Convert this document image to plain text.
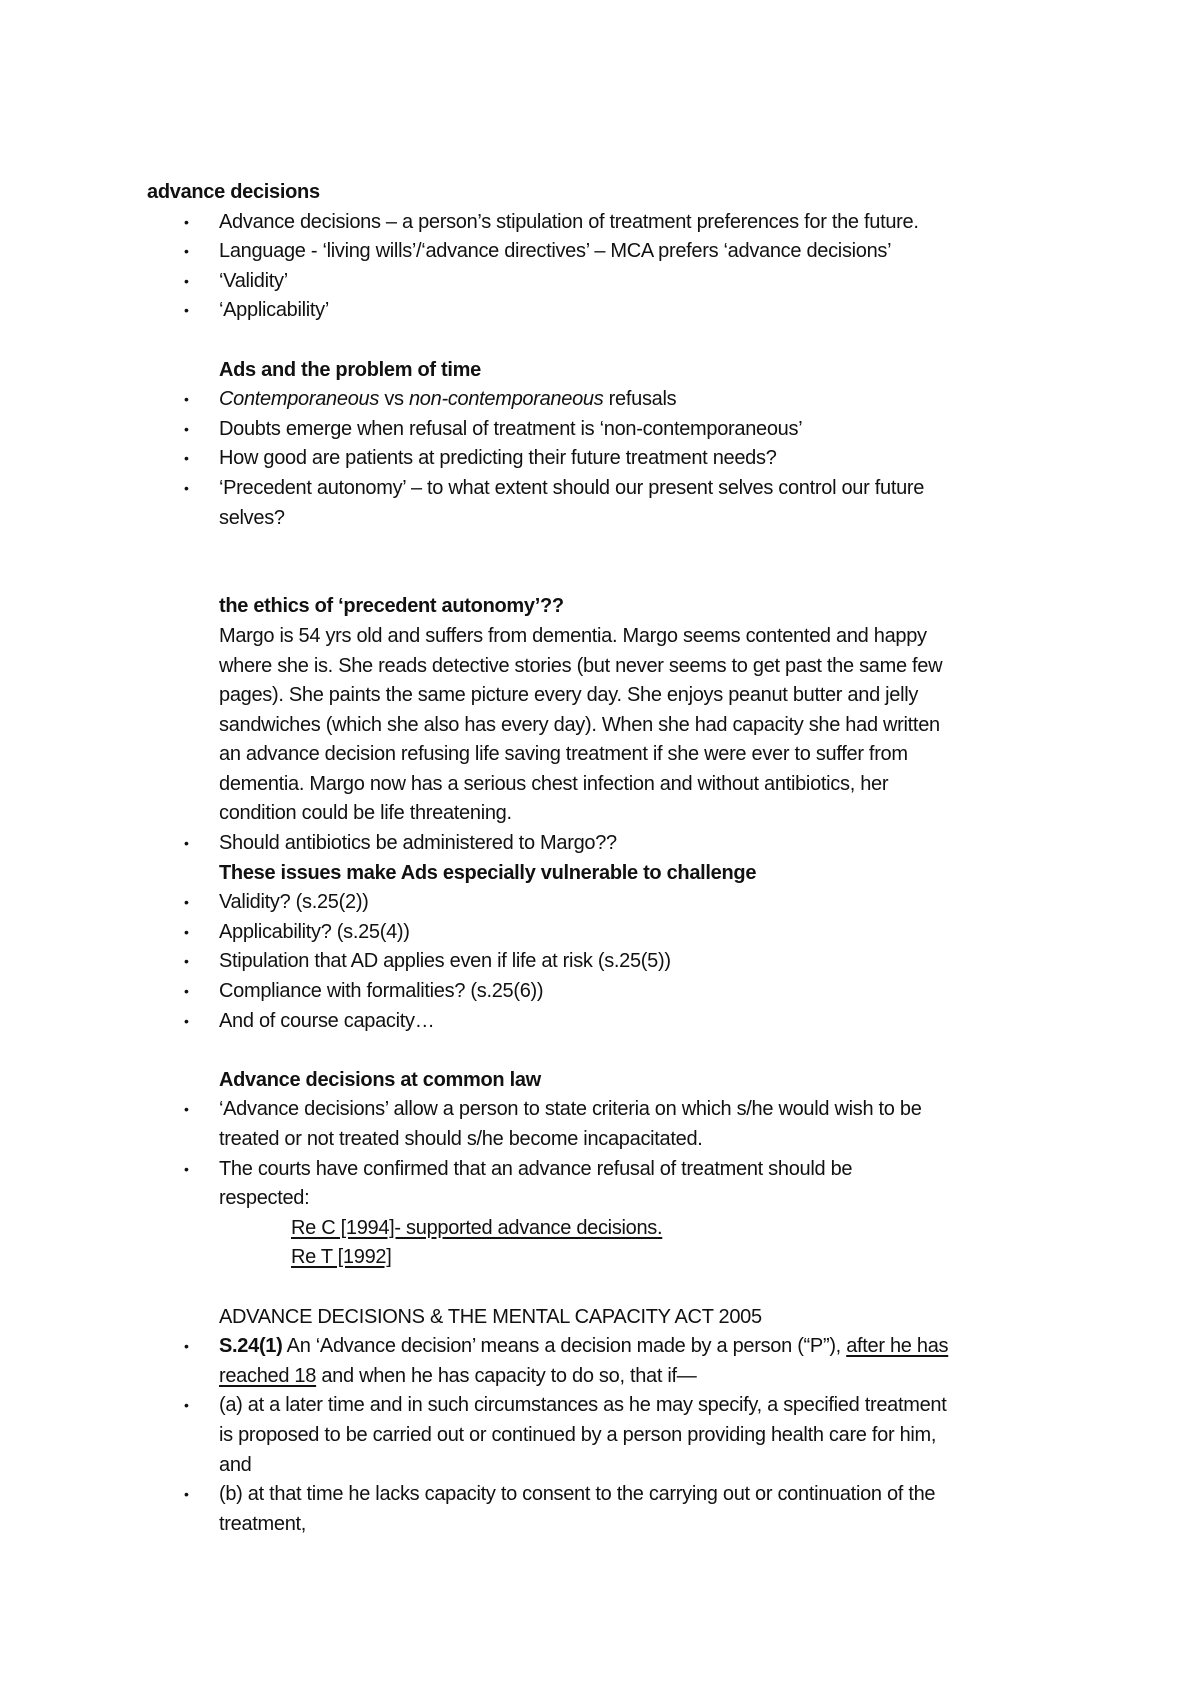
advance decisions
• Advance decisions – a person’s stipulation of treatment preferences for the future.
• Language - ‘living wills’/‘advance directives’ – MCA prefers ‘advance decisions’
• ‘Validity’
• ‘Applicability’
Ads and the problem of time
• Contemporaneous vs non-contemporaneous refusals
• Doubts emerge when refusal of treatment is ‘non-contemporaneous’
• How good are patients at predicting their future treatment needs?
• ‘Precedent autonomy’ – to what extent should our present selves control our future
selves?
the ethics of ‘precedent autonomy’??
Margo is 54 yrs old and suffers from dementia. Margo seems contented and happy
where she is. She reads detective stories (but never seems to get past the same few
pages). She paints the same picture every day. She enjoys peanut butter and jelly
sandwiches (which she also has every day). When she had capacity she had written
an advance decision refusing life saving treatment if she were ever to suffer from
dementia. Margo now has a serious chest infection and without antibiotics, her
condition could be life threatening.
• Should antibiotics be administered to Margo??
These issues make Ads especially vulnerable to challenge
• Validity? (s.25(2))
• Applicability? (s.25(4))
• Stipulation that AD applies even if life at risk (s.25(5))
• Compliance with formalities? (s.25(6))
• And of course capacity…
Advance decisions at common law
• ‘Advance decisions’ allow a person to state criteria on which s/he would wish to be
treated or not treated should s/he become incapacitated.
• The courts have confirmed that an advance refusal of treatment should be
respected:
Re C [1994]- supported advance decisions.
Re T [1992]
ADVANCE DECISIONS & THE MENTAL CAPACITY ACT 2005
• S.24(1) An ‘Advance decision’ means a decision made by a person (“P”), after he has
reached 18 and when he has capacity to do so, that if—
• (a) at a later time and in such circumstances as he may specify, a specified treatment
is proposed to be carried out or continued by a person providing health care for him,
and
• (b) at that time he lacks capacity to consent to the carrying out or continuation of the
treatment,
